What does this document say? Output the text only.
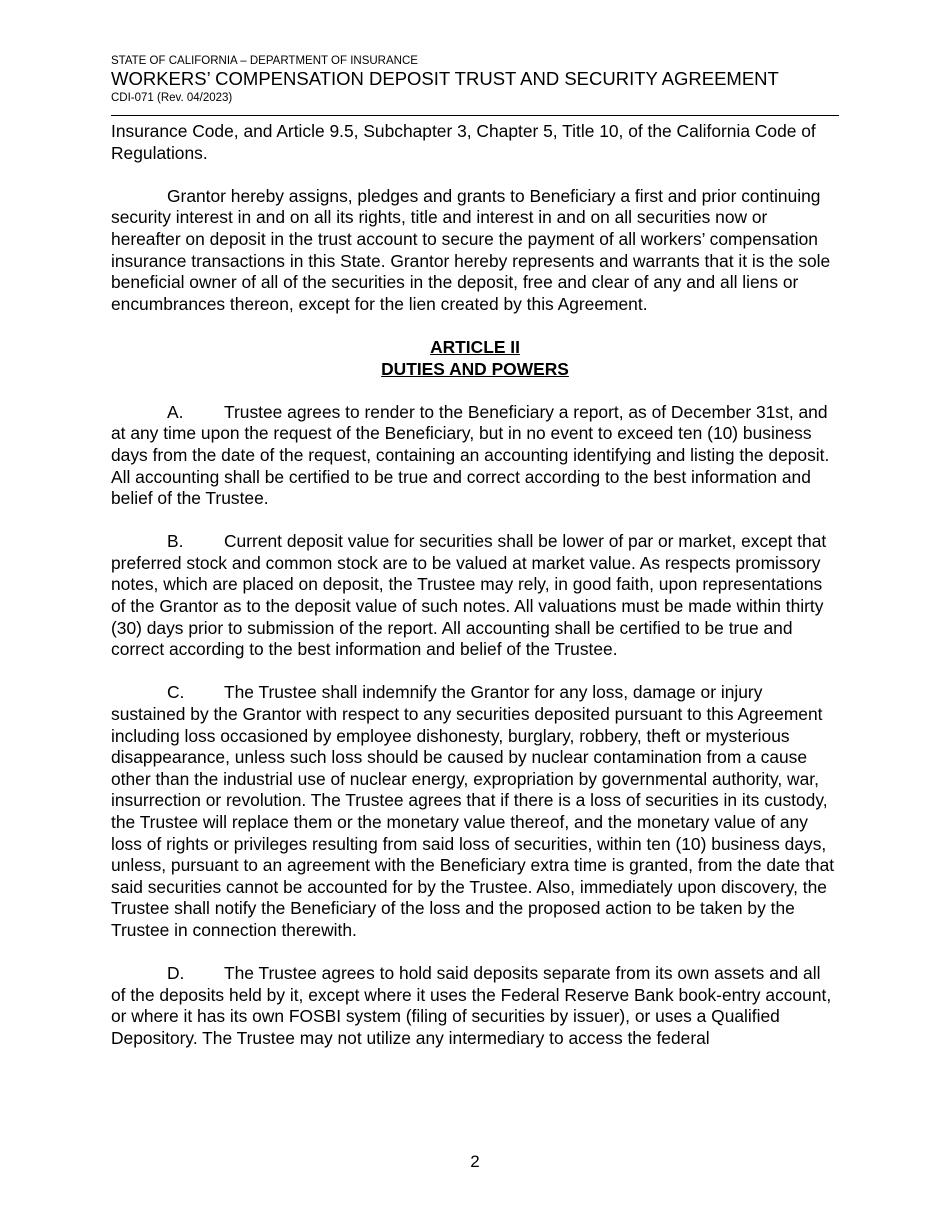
STATE OF CALIFORNIA – DEPARTMENT OF INSURANCE
WORKERS’ COMPENSATION DEPOSIT TRUST AND SECURITY AGREEMENT
CDI-071 (Rev. 04/2023)

Insurance Code, and Article 9.5, Subchapter 3, Chapter 5, Title 10, of the California Code of Regulations.

Grantor hereby assigns, pledges and grants to Beneficiary a first and prior continuing security interest in and on all its rights, title and interest in and on all securities now or hereafter on deposit in the trust account to secure the payment of all workers’ compensation insurance transactions in this State. Grantor hereby represents and warrants that it is the sole beneficial owner of all of the securities in the deposit, free and clear of any and all liens or encumbrances thereon, except for the lien created by this Agreement.

ARTICLE II
DUTIES AND POWERS

A. Trustee agrees to render to the Beneficiary a report, as of December 31st, and at any time upon the request of the Beneficiary, but in no event to exceed ten (10) business days from the date of the request, containing an accounting identifying and listing the deposit. All accounting shall be certified to be true and correct according to the best information and belief of the Trustee.

B. Current deposit value for securities shall be lower of par or market, except that preferred stock and common stock are to be valued at market value. As respects promissory notes, which are placed on deposit, the Trustee may rely, in good faith, upon representations of the Grantor as to the deposit value of such notes. All valuations must be made within thirty (30) days prior to submission of the report. All accounting shall be certified to be true and correct according to the best information and belief of the Trustee.

C. The Trustee shall indemnify the Grantor for any loss, damage or injury sustained by the Grantor with respect to any securities deposited pursuant to this Agreement including loss occasioned by employee dishonesty, burglary, robbery, theft or mysterious disappearance, unless such loss should be caused by nuclear contamination from a cause other than the industrial use of nuclear energy, expropriation by governmental authority, war, insurrection or revolution. The Trustee agrees that if there is a loss of securities in its custody, the Trustee will replace them or the monetary value thereof, and the monetary value of any loss of rights or privileges resulting from said loss of securities, within ten (10) business days, unless, pursuant to an agreement with the Beneficiary extra time is granted, from the date that said securities cannot be accounted for by the Trustee. Also, immediately upon discovery, the Trustee shall notify the Beneficiary of the loss and the proposed action to be taken by the Trustee in connection therewith.

D. The Trustee agrees to hold said deposits separate from its own assets and all of the deposits held by it, except where it uses the Federal Reserve Bank book-entry account, or where it has its own FOSBI system (filing of securities by issuer), or uses a Qualified Depository. The Trustee may not utilize any intermediary to access the federal

2
